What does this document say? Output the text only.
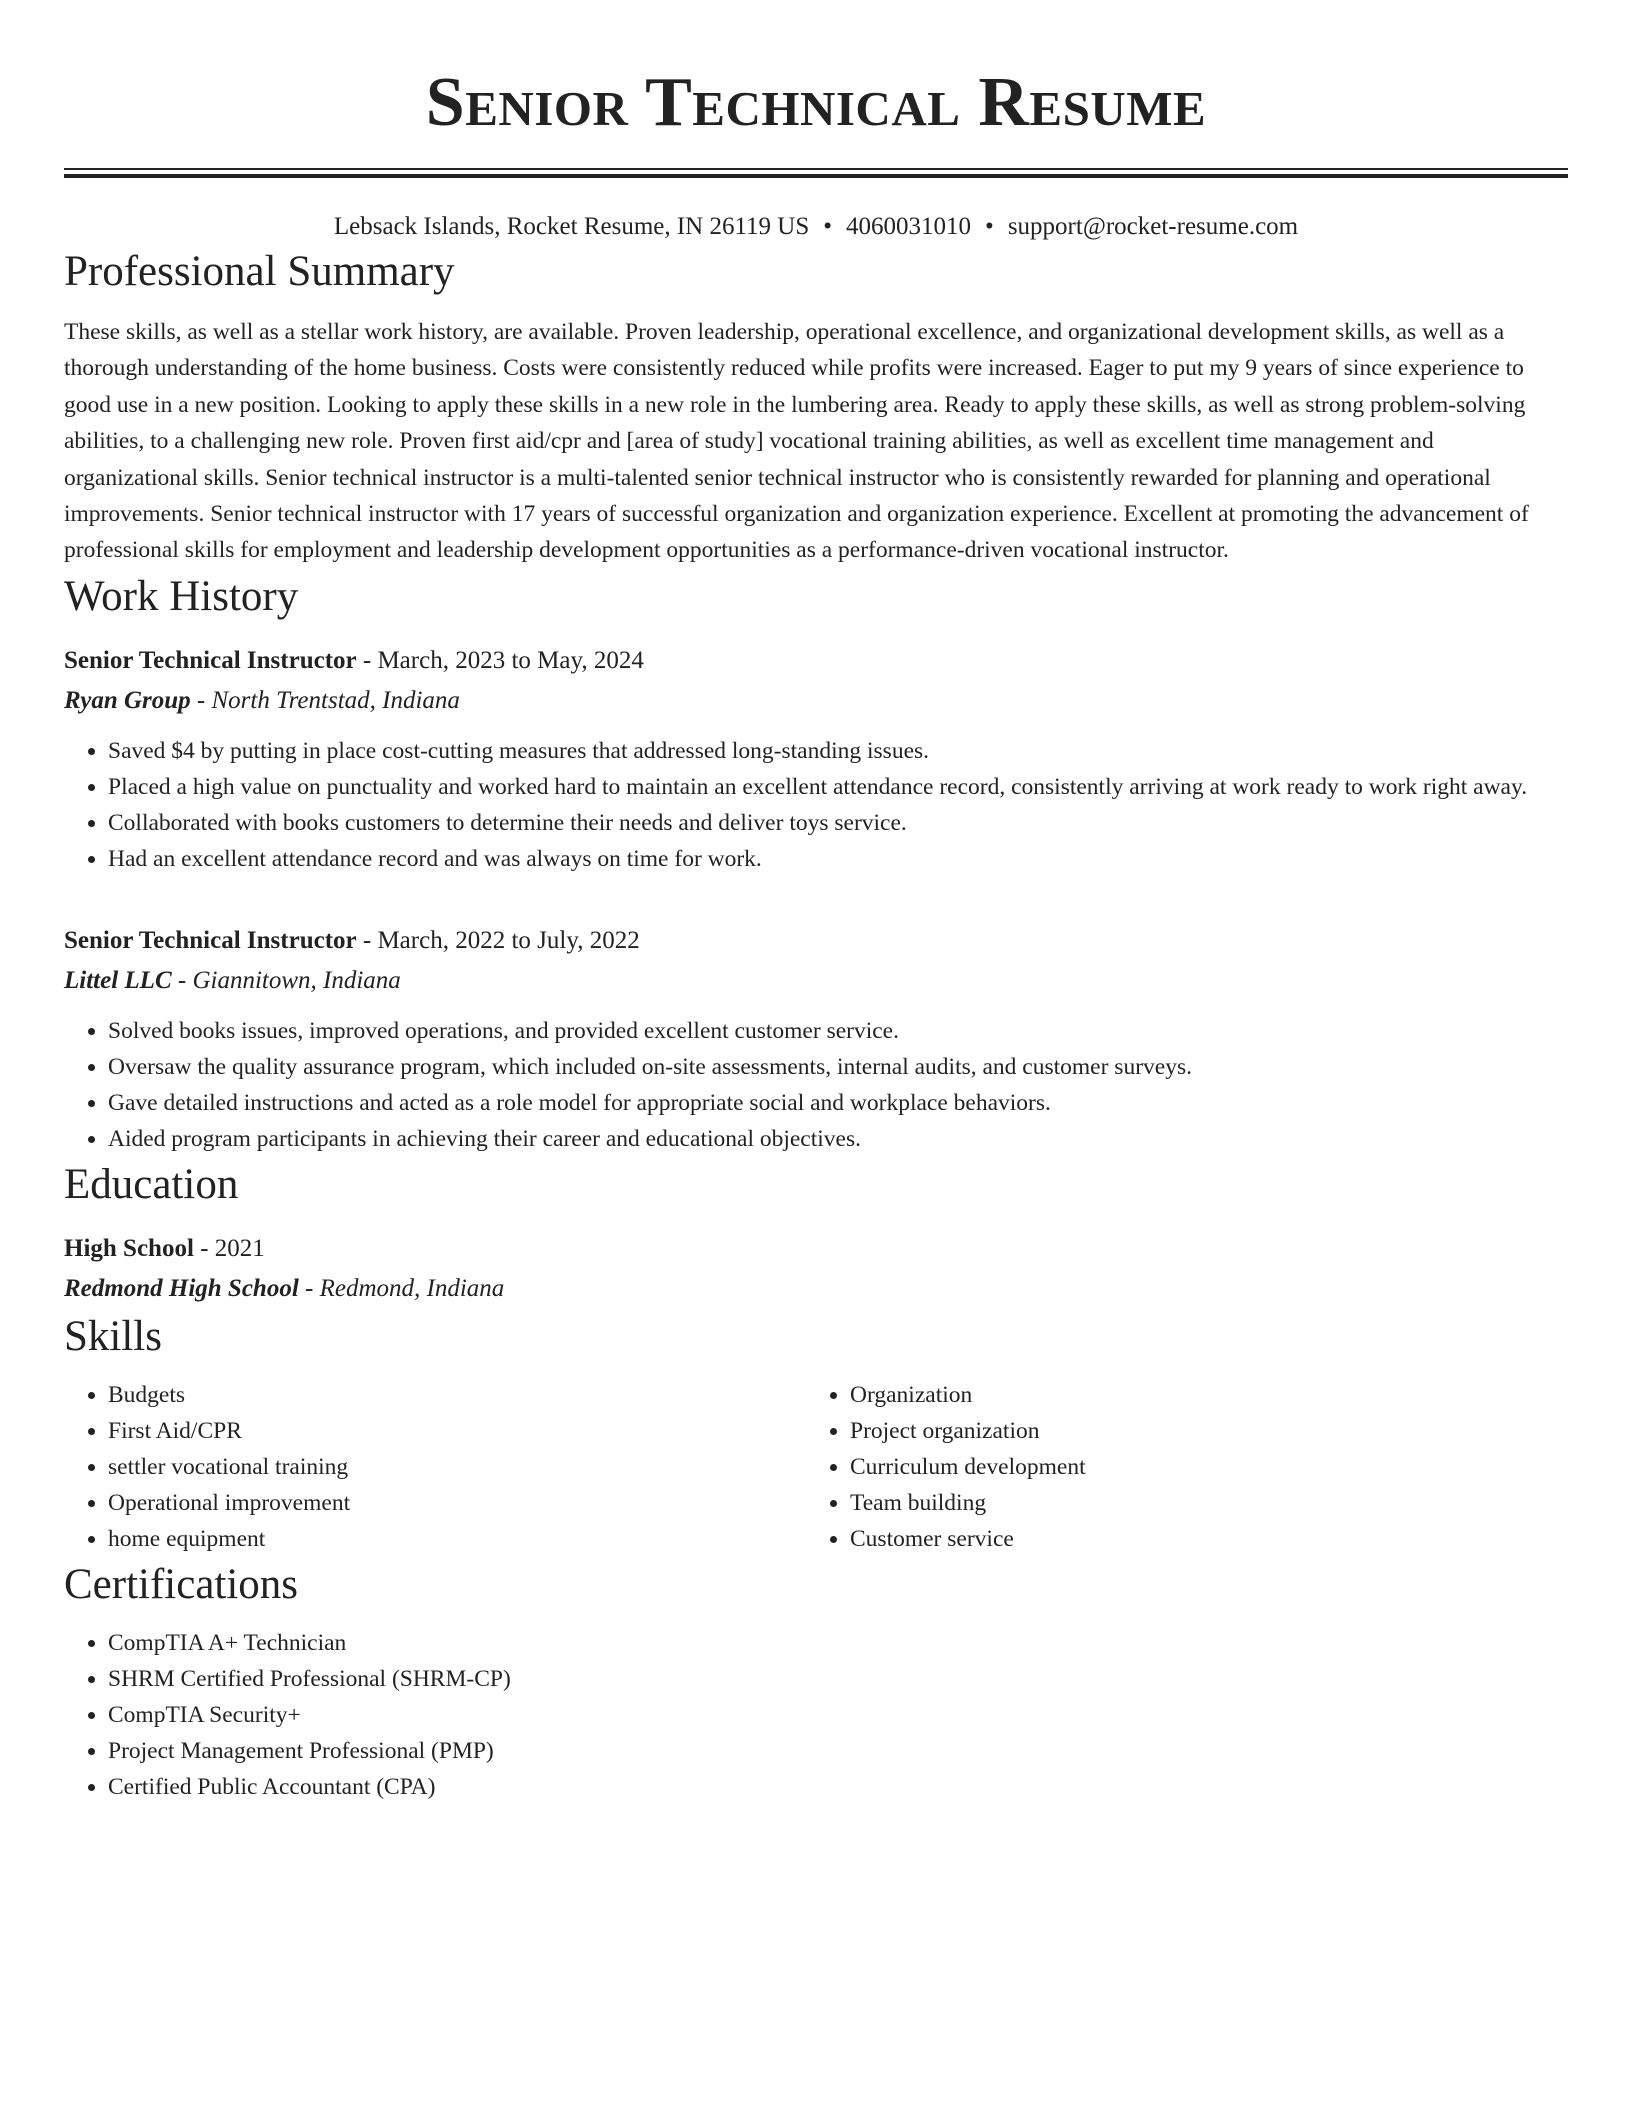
Senior Technical Resume
Lebsack Islands, Rocket Resume, IN 26119 US • 4060031010 • support@rocket-resume.com
Professional Summary

These skills, as well as a stellar work history, are available. Proven leadership, operational excellence, and organizational development skills, as well as a thorough understanding of the home business. Costs were consistently reduced while profits were increased. Eager to put my 9 years of since experience to good use in a new position. Looking to apply these skills in a new role in the lumbering area. Ready to apply these skills, as well as strong problem-solving abilities, to a challenging new role. Proven first aid/cpr and [area of study] vocational training abilities, as well as excellent time management and organizational skills. Senior technical instructor is a multi-talented senior technical instructor who is consistently rewarded for planning and operational improvements. Senior technical instructor with 17 years of successful organization and organization experience. Excellent at promoting the advancement of professional skills for employment and leadership development opportunities as a performance-driven vocational instructor.

Work History
Senior Technical Instructor - March, 2023 to May, 2024
Ryan Group - North Trentstad, Indiana
• Saved $4 by putting in place cost-cutting measures that addressed long-standing issues.
• Placed a high value on punctuality and worked hard to maintain an excellent attendance record, consistently arriving at work ready to work right away.
• Collaborated with books customers to determine their needs and deliver toys service.
• Had an excellent attendance record and was always on time for work.
Senior Technical Instructor - March, 2022 to July, 2022
Littel LLC - Giannitown, Indiana
• Solved books issues, improved operations, and provided excellent customer service.
• Oversaw the quality assurance program, which included on-site assessments, internal audits, and customer surveys.
• Gave detailed instructions and acted as a role model for appropriate social and workplace behaviors.
• Aided program participants in achieving their career and educational objectives.
Education
High School - 2021
Redmond High School - Redmond, Indiana
Skills
• Budgets
• First Aid/CPR
• settler vocational training
• Operational improvement
• home equipment
• Organization
• Project organization
• Curriculum development
• Team building
• Customer service
Certifications
• CompTIA A+ Technician
• SHRM Certified Professional (SHRM-CP)
• CompTIA Security+
• Project Management Professional (PMP)
• Certified Public Accountant (CPA)
